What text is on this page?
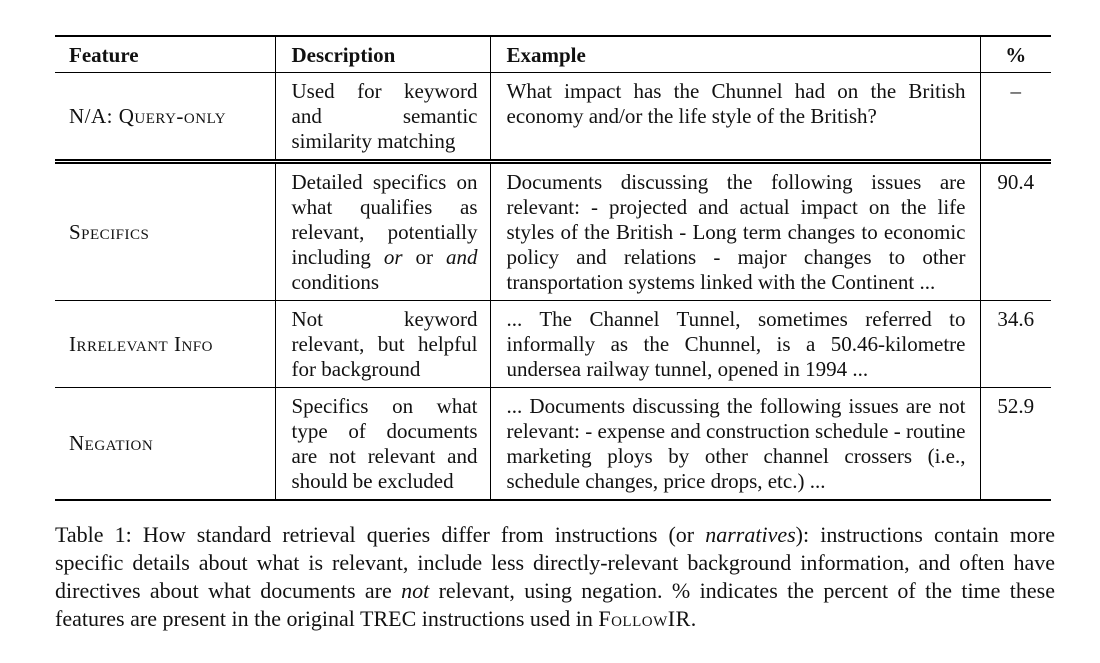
Feature	Description	Example	%
N/A: Query-only	Used for keyword and semantic similarity matching	What impact has the Chunnel had on the British economy and/or the life style of the British?	–
Specifics	Detailed specifics on what qualifies as relevant, potentially including or or and conditions	Documents discussing the following issues are relevant: - projected and actual impact on the life styles of the British - Long term changes to economic policy and relations - major changes to other transportation systems linked with the Continent ...	90.4
Irrelevant Info	Not keyword relevant, but helpful for background	... The Channel Tunnel, sometimes referred to informally as the Chunnel, is a 50.46-kilometre undersea railway tunnel, opened in 1994 ...	34.6
Negation	Specifics on what type of documents are not relevant and should be excluded	... Documents discussing the following issues are not relevant: - expense and construction schedule - routine marketing ploys by other channel crossers (i.e., schedule changes, price drops, etc.) ...	52.9
Table 1: How standard retrieval queries differ from instructions (or narratives): instructions contain more specific details about what is relevant, include less directly-relevant background information, and often have directives about what documents are not relevant, using negation. % indicates the percent of the time these features are present in the original TREC instructions used in FollowIR.
